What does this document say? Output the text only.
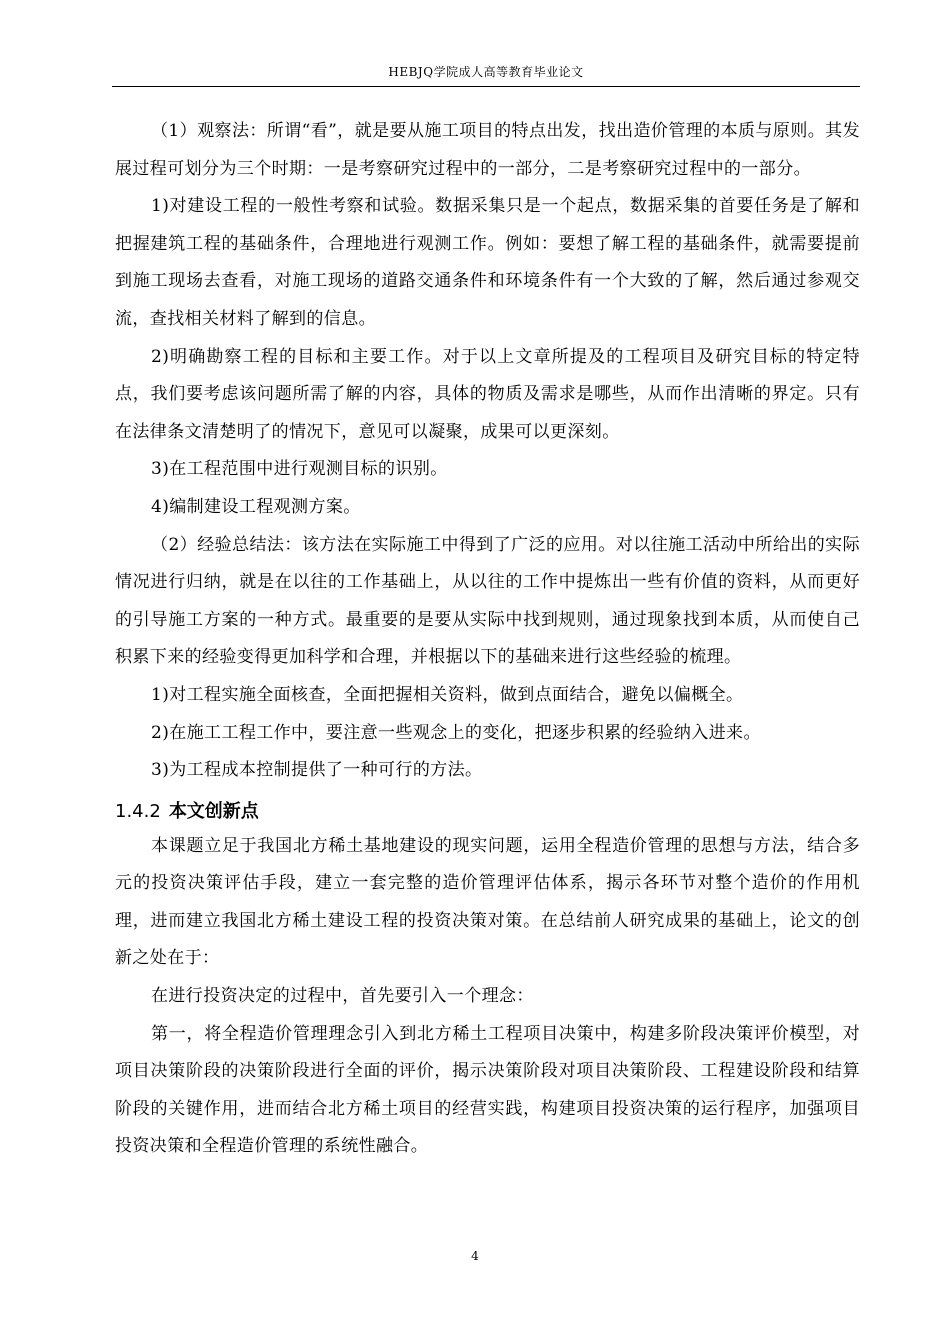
HEBJQ学院成人高等教育毕业论文

（1）观察法：所谓“看”，就是要从施工项目的特点出发，找出造价管理的本质与原则。其发展过程可划分为三个时期：一是考察研究过程中的一部分，二是考察研究过程中的一部分。

1)对建设工程的一般性考察和试验。数据采集只是一个起点，数据采集的首要任务是了解和把握建筑工程的基础条件，合理地进行观测工作。例如：要想了解工程的基础条件，就需要提前到施工现场去查看，对施工现场的道路交通条件和环境条件有一个大致的了解，然后通过参观交流，查找相关材料了解到的信息。

2)明确勘察工程的目标和主要工作。对于以上文章所提及的工程项目及研究目标的特定特点，我们要考虑该问题所需了解的内容，具体的物质及需求是哪些，从而作出清晰的界定。只有在法律条文清楚明了的情况下，意见可以凝聚，成果可以更深刻。

3)在工程范围中进行观测目标的识别。

4)编制建设工程观测方案。

（2）经验总结法：该方法在实际施工中得到了广泛的应用。对以往施工活动中所给出的实际情况进行归纳，就是在以往的工作基础上，从以往的工作中提炼出一些有价值的资料，从而更好的引导施工方案的一种方式。最重要的是要从实际中找到规则，通过现象找到本质，从而使自己积累下来的经验变得更加科学和合理，并根据以下的基础来进行这些经验的梳理。

1)对工程实施全面核查，全面把握相关资料，做到点面结合，避免以偏概全。

2)在施工工程工作中，要注意一些观念上的变化，把逐步积累的经验纳入进来。

3)为工程成本控制提供了一种可行的方法。

1.4.2 本文创新点

本课题立足于我国北方稀土基地建设的现实问题，运用全程造价管理的思想与方法，结合多元的投资决策评估手段，建立一套完整的造价管理评估体系，揭示各环节对整个造价的作用机理，进而建立我国北方稀土建设工程的投资决策对策。在总结前人研究成果的基础上，论文的创新之处在于：

在进行投资决定的过程中，首先要引入一个理念：

第一，将全程造价管理理念引入到北方稀土工程项目决策中，构建多阶段决策评价模型，对项目决策阶段的决策阶段进行全面的评价，揭示决策阶段对项目决策阶段、工程建设阶段和结算阶段的关键作用，进而结合北方稀土项目的经营实践，构建项目投资决策的运行程序，加强项目投资决策和全程造价管理的系统性融合。

4
